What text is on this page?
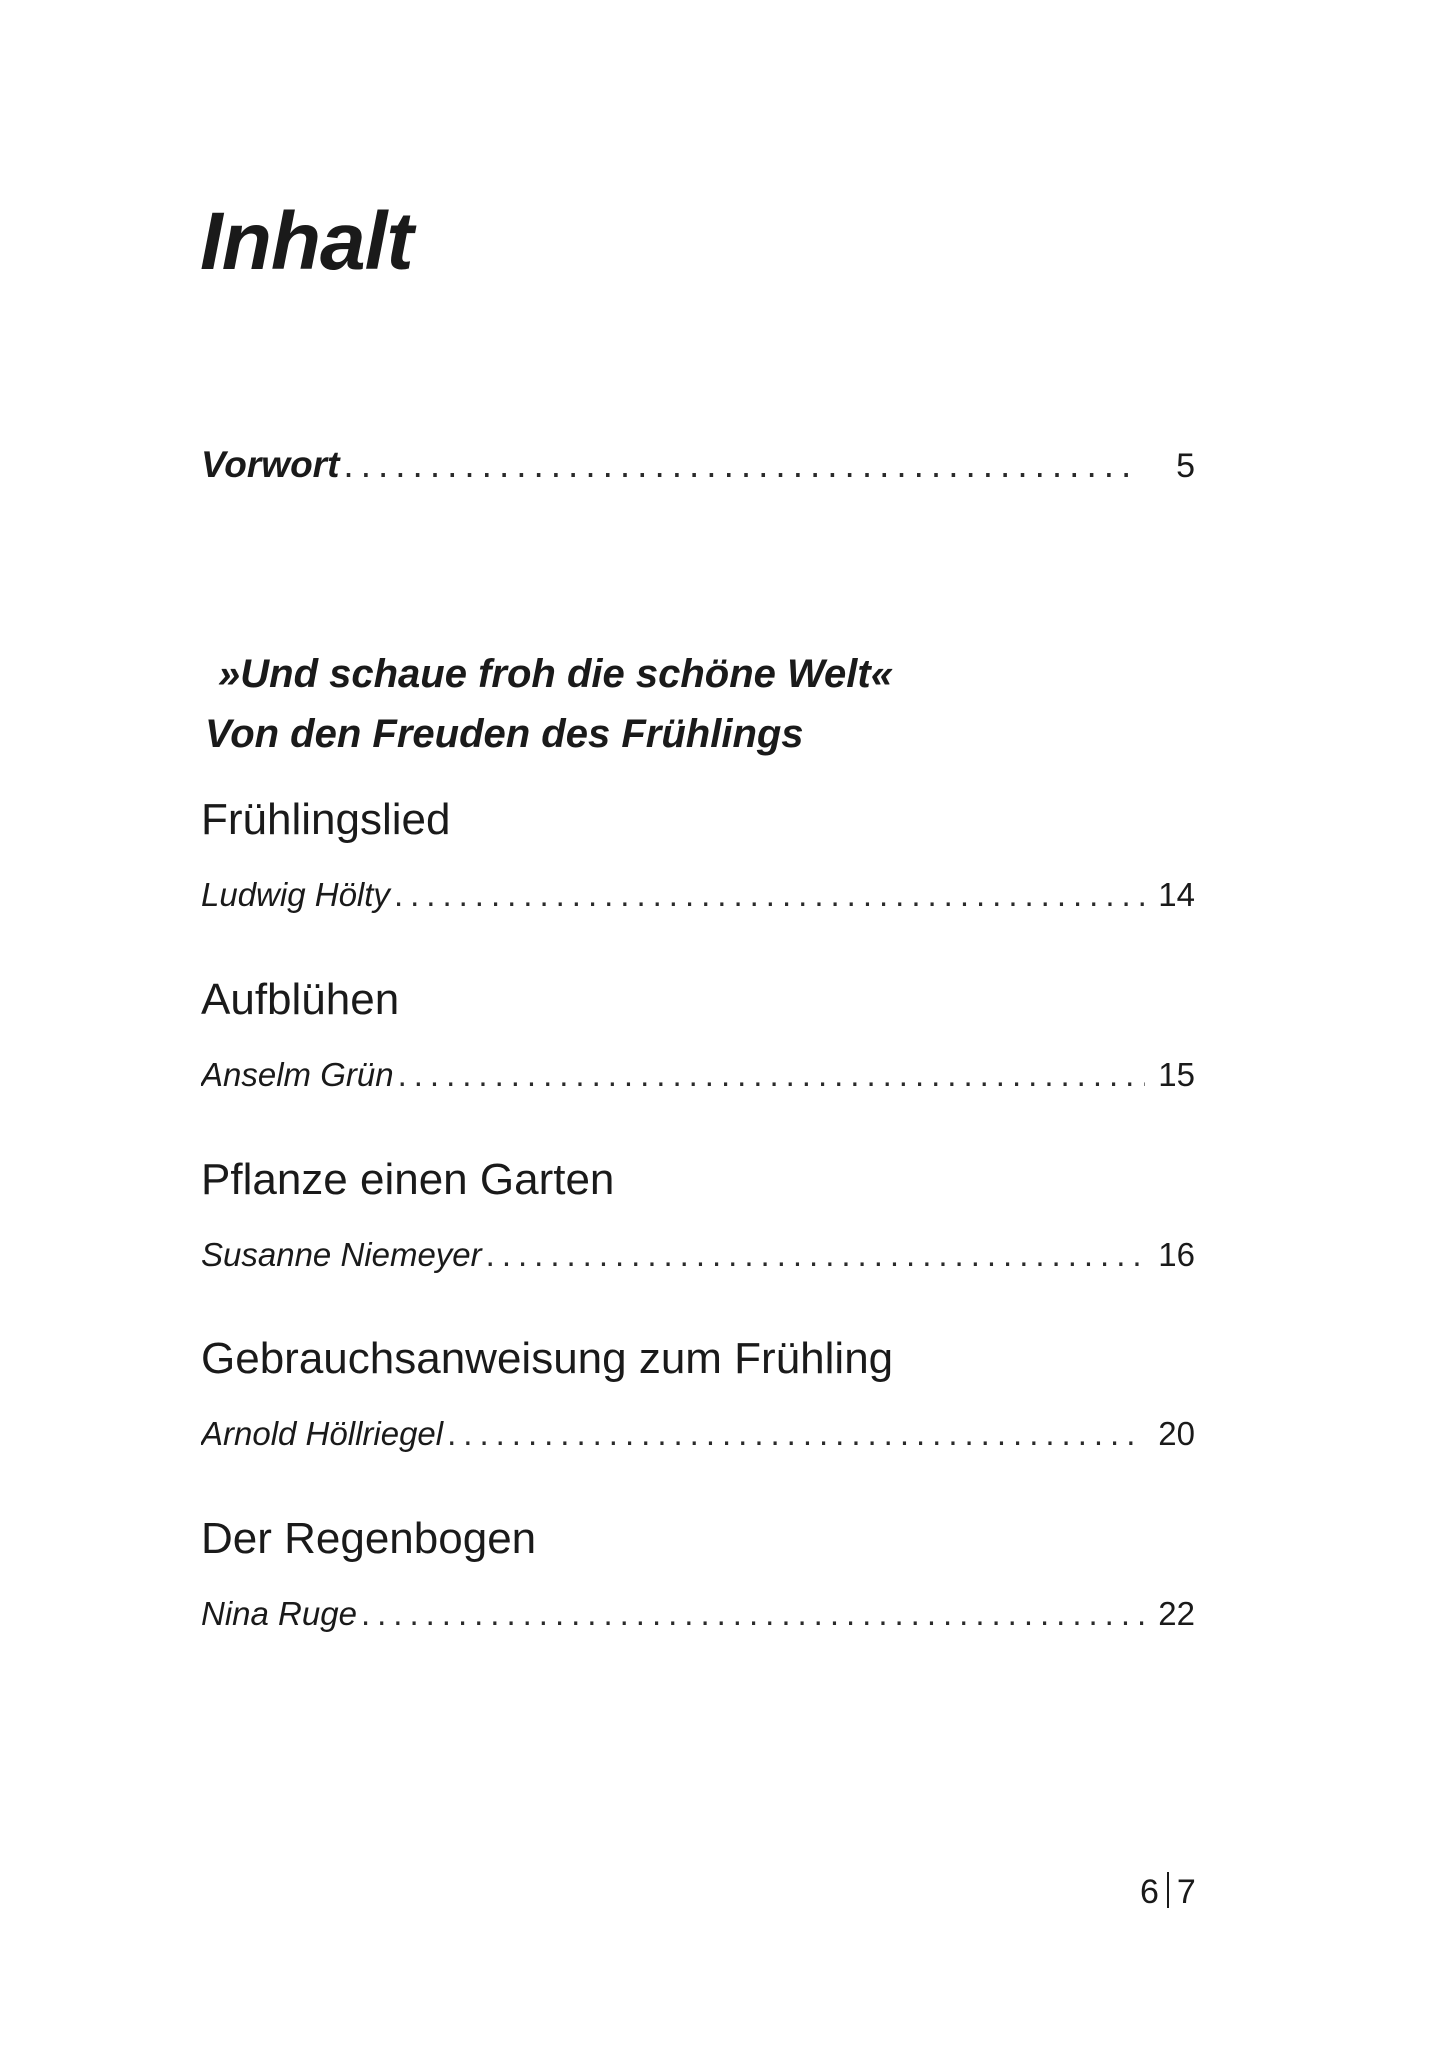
Inhalt
Vorwort .....	5
»Und schaue froh die schöne Welt«
Von den Freuden des Frühlings
Frühlingslied
Ludwig Hölty .....	14
Aufblühen
Anselm Grün .....	15
Pflanze einen Garten
Susanne Niemeyer .....	16
Gebrauchsanweisung zum Frühling
Arnold Höllriegel .....	20
Der Regenbogen
Nina Ruge .....	22
6 7
